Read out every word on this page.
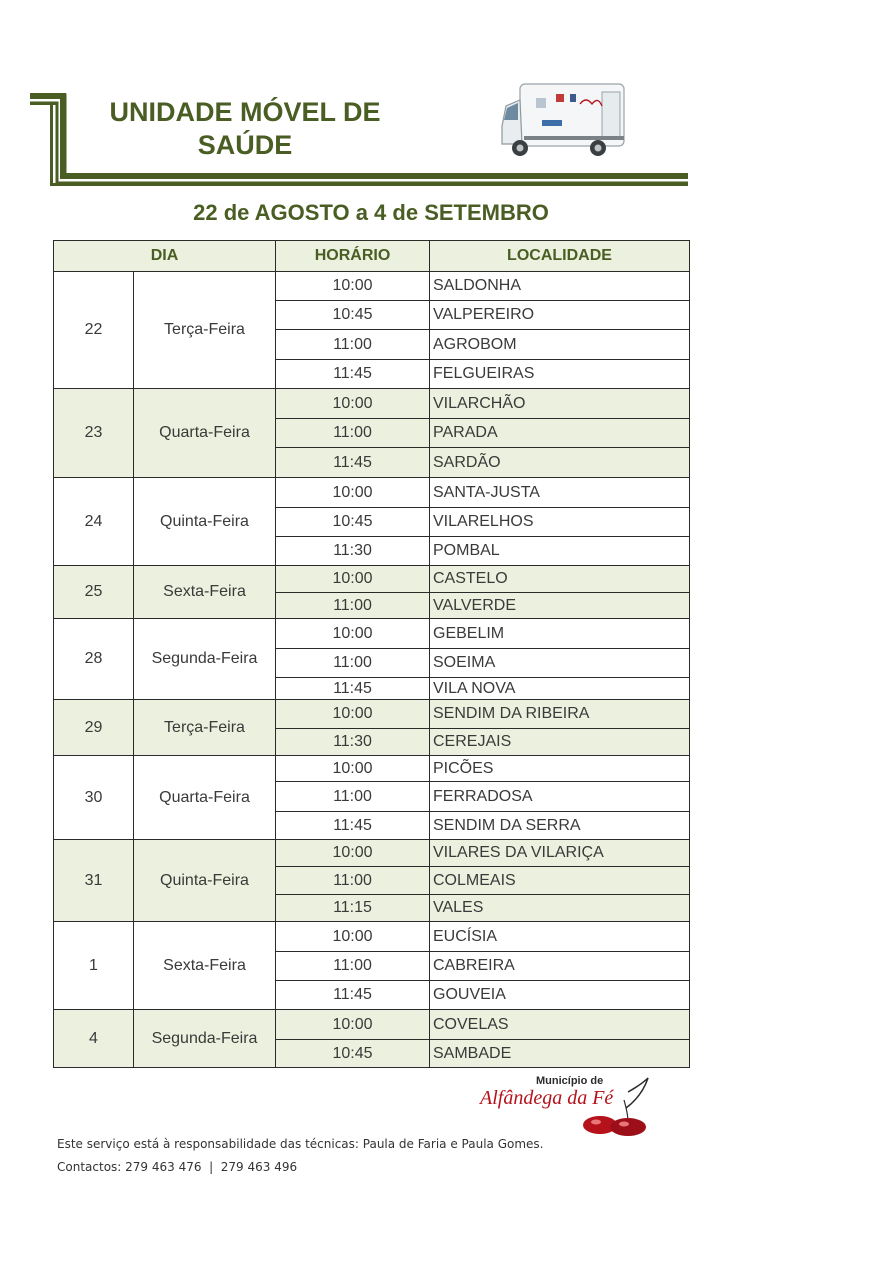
UNIDADE MÓVEL DE
SAÚDE
22 de AGOSTO a 4 de SETEMBRO
DIA		HORÁRIO	LOCALIDADE
22	Terça-Feira	10:00	SALDONHA
		10:45	VALPEREIRO
		11:00	AGROBOM
		11:45	FELGUEIRAS
23	Quarta-Feira	10:00	VILARCHÃO
		11:00	PARADA
		11:45	SARDÃO
24	Quinta-Feira	10:00	SANTA-JUSTA
		10:45	VILARELHOS
		11:30	POMBAL
25	Sexta-Feira	10:00	CASTELO
		11:00	VALVERDE
28	Segunda-Feira	10:00	GEBELIM
		11:00	SOEIMA
		11:45	VILA NOVA
29	Terça-Feira	10:00	SENDIM DA RIBEIRA
		11:30	CEREJAIS
30	Quarta-Feira	10:00	PICÕES
		11:00	FERRADOSA
		11:45	SENDIM DA SERRA
31	Quinta-Feira	10:00	VILARES DA VILARIÇA
		11:00	COLMEAIS
		11:15	VALES
1	Sexta-Feira	10:00	EUCÍSIA
		11:00	CABREIRA
		11:45	GOUVEIA
4	Segunda-Feira	10:00	COVELAS
		10:45	SAMBADE
Município de
Alfândega da Fé
Este serviço está à responsabilidade das técnicas: Paula de Faria e Paula Gomes.
Contactos: 279 463 476  |  279 463 496
